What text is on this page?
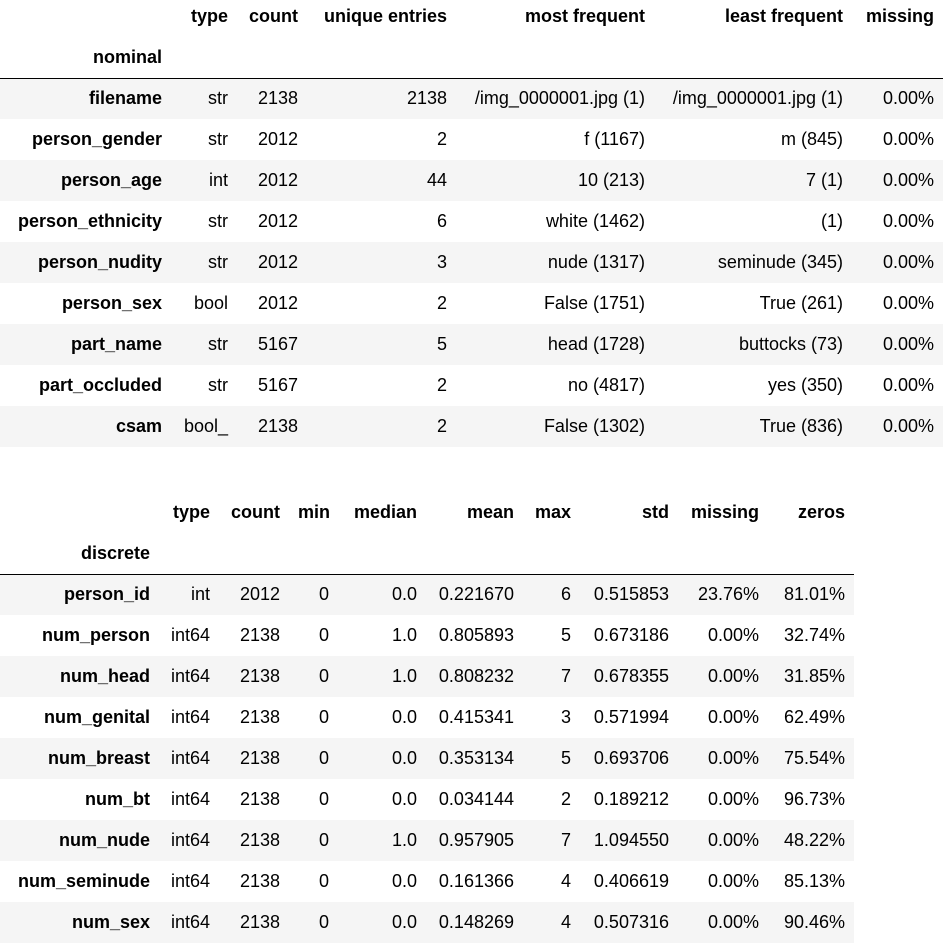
	type	count	unique entries	most frequent	least frequent	missing
nominal						
filename	str	2138	2138	/img_0000001.jpg (1)	/img_0000001.jpg (1)	0.00%
person_gender	str	2012	2	f (1167)	m (845)	0.00%
person_age	int	2012	44	10 (213)	7 (1)	0.00%
person_ethnicity	str	2012	6	white (1462)	(1)	0.00%
person_nudity	str	2012	3	nude (1317)	seminude (345)	0.00%
person_sex	bool	2012	2	False (1751)	True (261)	0.00%
part_name	str	5167	5	head (1728)	buttocks (73)	0.00%
part_occluded	str	5167	2	no (4817)	yes (350)	0.00%
csam	bool_	2138	2	False (1302)	True (836)	0.00%
	type	count	min	median	mean	max	std	missing	zeros
discrete									
person_id	int	2012	0	0.0	0.221670	6	0.515853	23.76%	81.01%
num_person	int64	2138	0	1.0	0.805893	5	0.673186	0.00%	32.74%
num_head	int64	2138	0	1.0	0.808232	7	0.678355	0.00%	31.85%
num_genital	int64	2138	0	0.0	0.415341	3	0.571994	0.00%	62.49%
num_breast	int64	2138	0	0.0	0.353134	5	0.693706	0.00%	75.54%
num_bt	int64	2138	0	0.0	0.034144	2	0.189212	0.00%	96.73%
num_nude	int64	2138	0	1.0	0.957905	7	1.094550	0.00%	48.22%
num_seminude	int64	2138	0	0.0	0.161366	4	0.406619	0.00%	85.13%
num_sex	int64	2138	0	0.0	0.148269	4	0.507316	0.00%	90.46%
